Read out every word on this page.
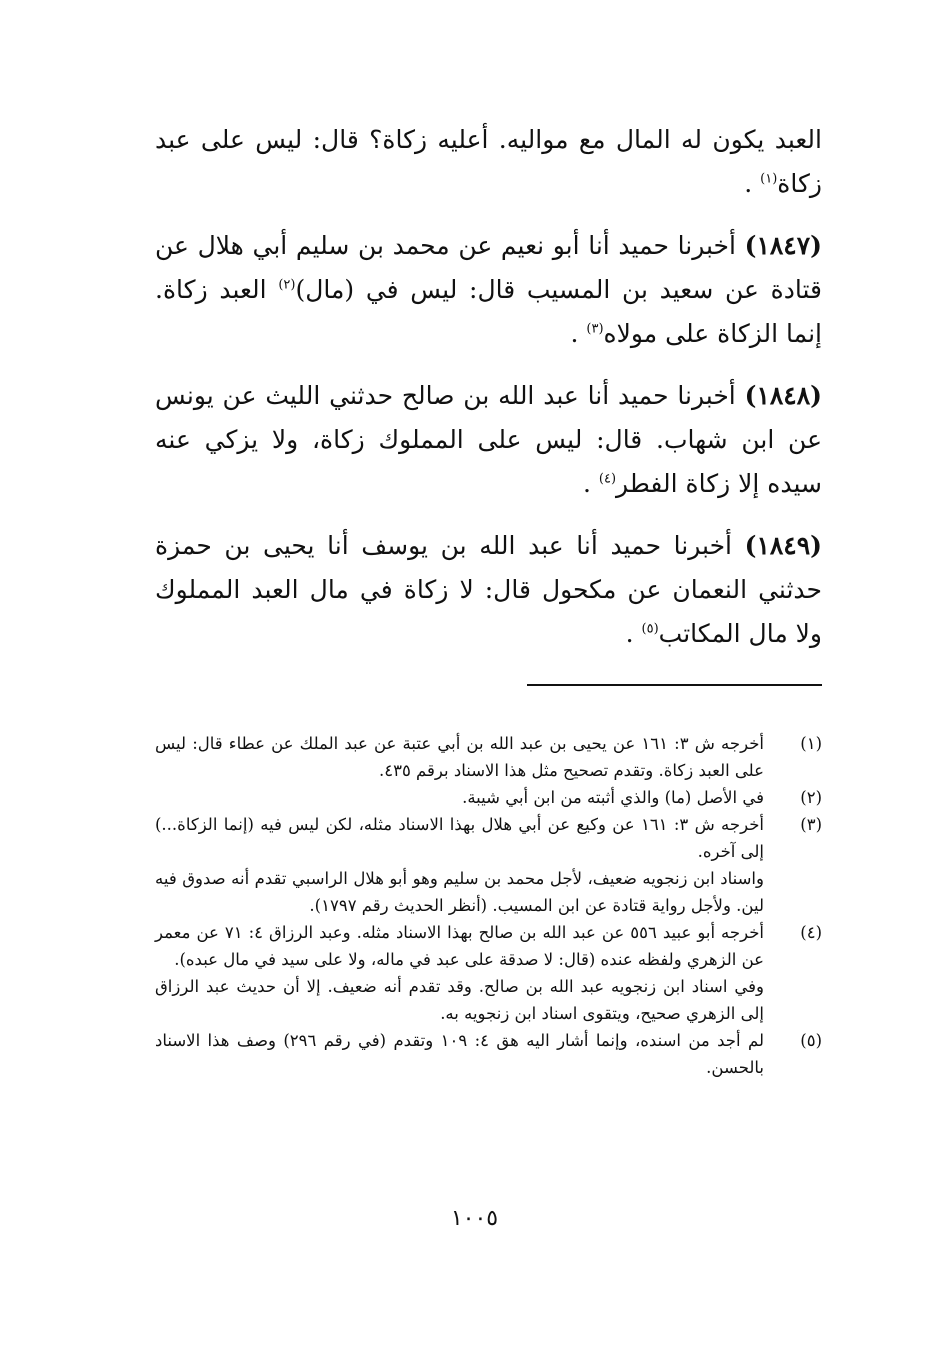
العبد يكون له المال مع مواليه. أعليه زكاة؟ قال: ليس على عبد زكاة$^{(١)}$ .

(١٨٤٧) أخبرنا حميد أنا أبو نعيم عن محمد بن سليم أبي هلال عن قتادة عن سعيد بن المسيب قال: ليس في (مال)$^{(٢)}$ العبد زكاة. إنما الزكاة على مولاه$^{(٣)}$ .

(١٨٤٨) أخبرنا حميد أنا عبد الله بن صالح حدثني الليث عن يونس عن ابن شهاب. قال: ليس على المملوك زكاة، ولا يزكي عنه سيده إلا زكاة الفطر$^{(٤)}$ .

(١٨٤٩) أخبرنا حميد أنا عبد الله بن يوسف أنا يحيى بن حمزة حدثني النعمان عن مكحول قال: لا زكاة في مال العبد المملوك ولا مال المكاتب$^{(٥)}$ .

(١)
أخرجه ش ٣: ١٦١ عن يحيى بن عبد الله بن أبي عتبة عن عبد الملك عن عطاء قال: ليس على العبد زكاة. وتقدم تصحيح مثل هذا الاسناد برقم ٤٣٥.
(٢)
في الأصل (ما) والذي أثبته من ابن أبي شيبة.
(٣)
أخرجه ش ٣: ١٦١ عن وكيع عن أبي هلال بهذا الاسناد مثله، لكن ليس فيه (إنما الزكاة...) إلى آخره.
واسناد ابن زنجويه ضعيف، لأجل محمد بن سليم وهو أبو هلال الراسبي تقدم أنه صدوق فيه لين. ولأجل رواية قتادة عن ابن المسيب. (أنظر الحديث رقم ١٧٩٧).
(٤)
أخرجه أبو عبيد ٥٥٦ عن عبد الله بن صالح بهذا الاسناد مثله. وعبد الرزاق ٤: ٧١ عن معمر عن الزهري ولفظه عنده (قال: لا صدقة على عبد في ماله، ولا على سيد في مال عبده).
وفي اسناد ابن زنجويه عبد الله بن صالح. وقد تقدم أنه ضعيف. إلا أن حديث عبد الرزاق إلى الزهري صحيح، ويتقوى اسناد ابن زنجويه به.
(٥)
لم أجد من اسنده، وإنما أشار اليه هق ٤: ١٠٩ وتقدم (في رقم ٢٩٦) وصف هذا الاسناد بالحسن.
١٠٠٥
